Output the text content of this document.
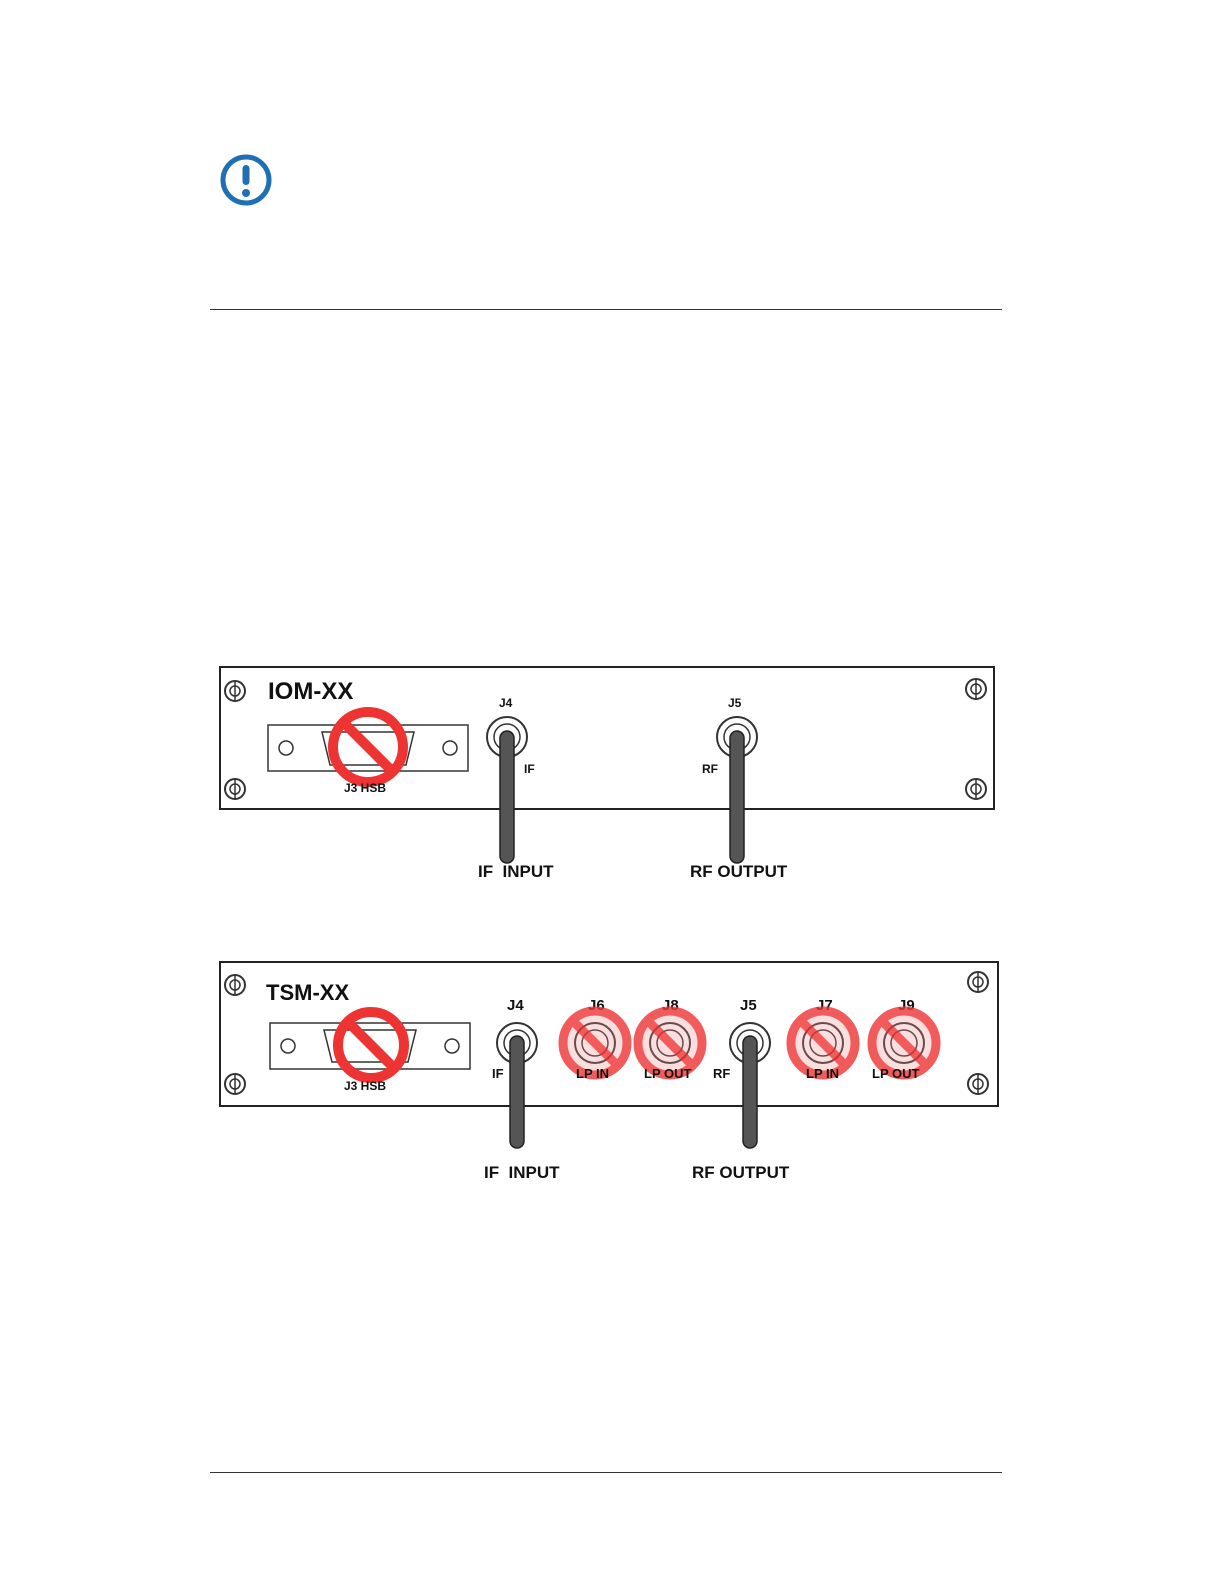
IOM-XX
J3 HSB
J4
IF
J5
RF
IF  INPUT	RF OUTPUT
TSM-XX
J3 HSB
J4
IF
J6
LP IN
J8
LP OUT
J5
RF
J7
LP IN
J9
LP OUT
IF  INPUT	RF OUTPUT
